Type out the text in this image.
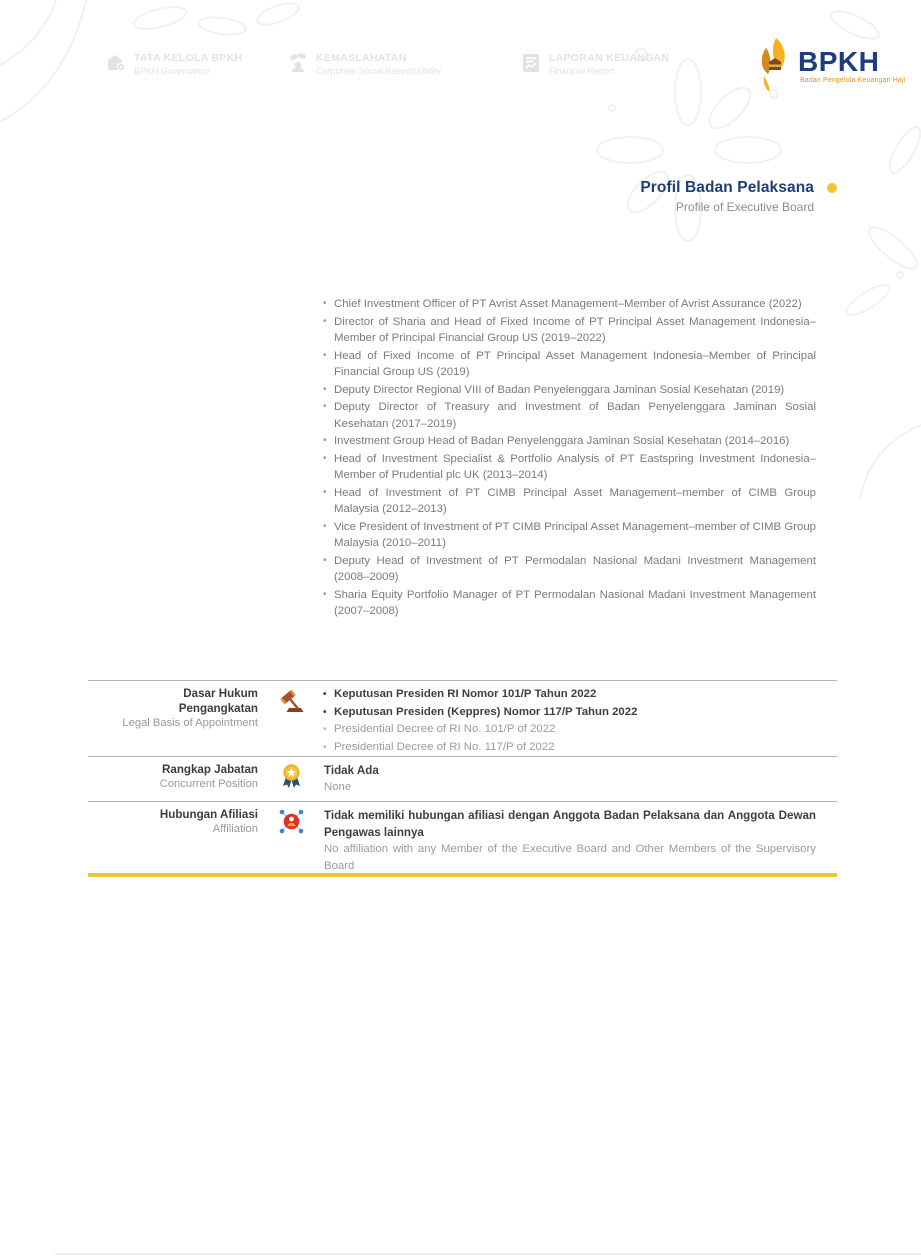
TATA KELOLA BPKH
BPKH Governance
KEMASLAHATAN
Corporate Social Responsibility
LAPORAN KEUANGAN
Financial Report	BPKH
Badan Pengelola Keuangan Haji
Profil Badan Pelaksana
Profile of Executive Board
• Chief Investment Officer of PT Avrist Asset Management–Member of Avrist Assurance (2022)
• Director of Sharia and Head of Fixed Income of PT Principal Asset Management Indonesia–Member of Principal Financial Group US (2019–2022)
• Head of Fixed Income of PT Principal Asset Management Indonesia–Member of Principal Financial Group US (2019)
• Deputy Director Regional VIII of Badan Penyelenggara Jaminan Sosial Kesehatan (2019)
• Deputy Director of Treasury and Investment of Badan Penyelenggara Jaminan Sosial Kesehatan (2017–2019)
• Investment Group Head of Badan Penyelenggara Jaminan Sosial Kesehatan (2014–2016)
• Head of Investment Specialist & Portfolio Analysis of PT Eastspring Investment Indonesia–Member of Prudential plc UK (2013–2014)
• Head of Investment of PT CIMB Principal Asset Management–member of CIMB Group Malaysia (2012–2013)
• Vice President of Investment of PT CIMB Principal Asset Management–member of CIMB Group Malaysia (2010–2011)
• Deputy Head of Investment of PT Permodalan Nasional Madani Investment Management (2008–2009)
• Sharia Equity Portfolio Manager of PT Permodalan Nasional Madani Investment Management (2007–2008)
Dasar Hukum Pengangkatan
Legal Basis of Appointment
• Keputusan Presiden RI Nomor 101/P Tahun 2022
• Keputusan Presiden (Keppres) Nomor 117/P Tahun 2022
• Presidential Decree of RI No. 101/P of 2022
• Presidential Decree of RI No. 117/P of 2022
Rangkap Jabatan
Concurrent Position

Tidak Ada

None

Hubungan Afiliasi
Affiliation

Tidak memiliki hubungan afiliasi dengan Anggota Badan Pelaksana dan Anggota Dewan Pengawas lainnya

No affiliation with any Member of the Executive Board and Other Members of the Supervisory Board
